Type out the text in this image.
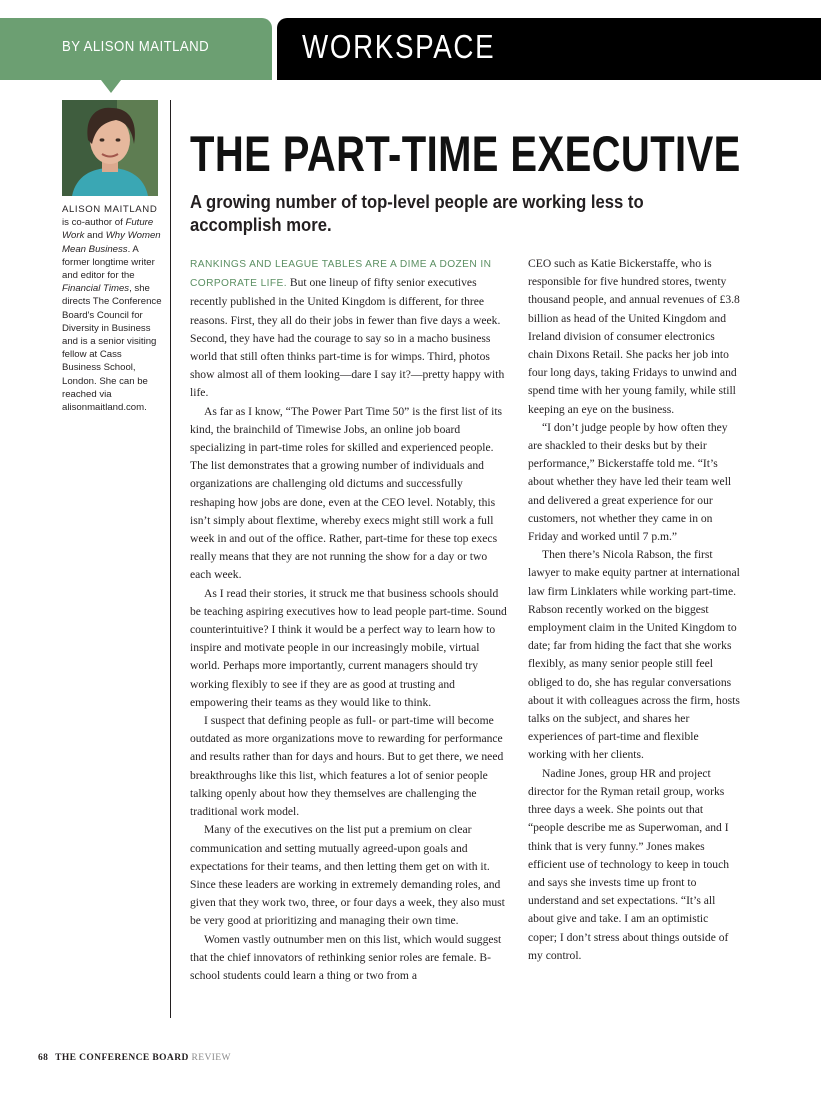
BY ALISON MAITLAND	WORKSPACE
ALISON MAITLAND is co-author of Future Work and Why Women Mean Business. A former longtime writer and editor for the Financial Times, she directs The Conference Board's Council for Diversity in Business and is a senior visiting fellow at Cass Business School, London. She can be reached via alisonmaitland.com.
THE PART-TIME EXECUTIVE

A growing number of top-level people are working less to accomplish more.

RANKINGS AND LEAGUE TABLES ARE A DIME A DOZEN IN CORPORATE LIFE. But one lineup of fifty senior executives recently published in the United Kingdom is different, for three reasons. First, they all do their jobs in fewer than five days a week. Second, they have had the courage to say so in a macho business world that still often thinks part-time is for wimps. Third, photos show almost all of them looking—dare I say it?—pretty happy with life.

As far as I know, “The Power Part Time 50” is the first list of its kind, the brainchild of Timewise Jobs, an online job board specializing in part-time roles for skilled and experienced people. The list demonstrates that a growing number of individuals and organizations are challenging old dictums and successfully reshaping how jobs are done, even at the CEO level. Notably, this isn’t simply about flextime, whereby execs might still work a full week in and out of the office. Rather, part-time for these top execs really means that they are not running the show for a day or two each week.

As I read their stories, it struck me that business schools should be teaching aspiring executives how to lead people part-time. Sound counterintuitive? I think it would be a perfect way to learn how to inspire and motivate people in our increasingly mobile, virtual world. Perhaps more importantly, current managers should try working flexibly to see if they are as good at trusting and empowering their teams as they would like to think.

I suspect that defining people as full- or part-time will become outdated as more organizations move to rewarding for performance and results rather than for days and hours. But to get there, we need breakthroughs like this list, which features a lot of senior people talking openly about how they themselves are challenging the traditional work model.

Many of the executives on the list put a premium on clear communication and setting mutually agreed-upon goals and expectations for their teams, and then letting them get on with it. Since these leaders are working in extremely demanding roles, and given that they work two, three, or four days a week, they also must be very good at prioritizing and managing their own time.

Women vastly outnumber men on this list, which would suggest that the chief innovators of rethinking senior roles are female. B-school students could learn a thing or two from a

CEO such as Katie Bickerstaffe, who is responsible for five hundred stores, twenty thousand people, and annual revenues of £3.8 billion as head of the United Kingdom and Ireland division of consumer electronics chain Dixons Retail. She packs her job into four long days, taking Fridays to unwind and spend time with her young family, while still keeping an eye on the business.

“I don’t judge people by how often they are shackled to their desks but by their performance,” Bickerstaffe told me. “It’s about whether they have led their team well and delivered a great experience for our customers, not whether they came in on Friday and worked until 7 p.m.”

Then there’s Nicola Rabson, the first lawyer to make equity partner at international law firm Linklaters while working part-time. Rabson recently worked on the biggest employment claim in the United Kingdom to date; far from hiding the fact that she works flexibly, as many senior people still feel obliged to do, she has regular conversations about it with colleagues across the firm, hosts talks on the subject, and shares her experiences of part-time and flexible working with her clients.

Nadine Jones, group HR and project director for the Ryman retail group, works three days a week. She points out that “people describe me as Superwoman, and I think that is very funny.” Jones makes efficient use of technology to keep in touch and says she invests time up front to understand and set expectations. “It’s all about give and take. I am an optimistic coper; I don’t stress about things outside of my control.

68 THE CONFERENCE BOARD REVIEW
